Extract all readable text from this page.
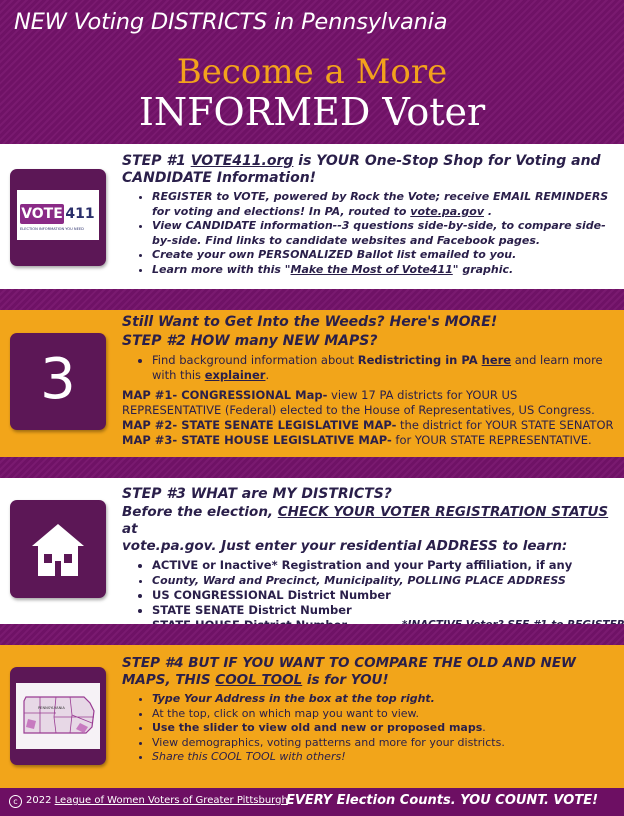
NEW Voting DISTRICTS in Pennsylvania
Become a More
INFORMED Voter
VOTE 411
ELECTION INFORMATION YOU NEED

STEP #1 VOTE411.org is YOUR One-Stop Shop for Voting and CANDIDATE Information!

• REGISTER to VOTE, powered by Rock the Vote; receive EMAIL REMINDERS for voting and elections! In PA, routed to vote.pa.gov .
• View CANDIDATE information--3 questions side-by-side, to compare side-by-side. Find links to candidate websites and Facebook pages.
• Create your own PERSONALIZED Ballot list emailed to you.
• Learn more with this "Make the Most of Vote411" graphic.
3

Still Want to Get Into the Weeds? Here's MORE!

STEP #2 HOW many NEW MAPS?

• Find background information about Redistricting in PA here and learn more with this explainer.

MAP #1- CONGRESSIONAL Map- view 17 PA districts for YOUR US REPRESENTATIVE (Federal) elected to the House of Representatives, US Congress.

MAP #2- STATE SENATE LEGISLATIVE MAP- the district for YOUR STATE SENATOR

MAP #3- STATE HOUSE LEGISLATIVE MAP- for YOUR STATE REPRESENTATIVE.

STEP #3 WHAT are MY DISTRICTS?

Before the election, CHECK YOUR VOTER REGISTRATION STATUS at

vote.pa.gov. Just enter your residential ADDRESS to learn:

• ACTIVE or Inactive* Registration and your Party affiliation, if any
• County, Ward and Precinct, Municipality, POLLING PLACE ADDRESS
• US CONGRESSIONAL District Number
• STATE SENATE District Number
•
PENNSYLVANIA

STEP #4 BUT IF YOU WANT TO COMPARE THE OLD AND NEW MAPS, THIS COOL TOOL is for YOU!

• Type Your Address in the box at the top right.
• At the top, click on which map you want to view.
• Use the slider to view old and new or proposed maps.
• View demographics, voting patterns and more for your districts.
• Share this COOL TOOL with others!
c 2022 League of Women Voters of Greater Pittsburgh
EVERY Election Counts. YOU COUNT. VOTE!
